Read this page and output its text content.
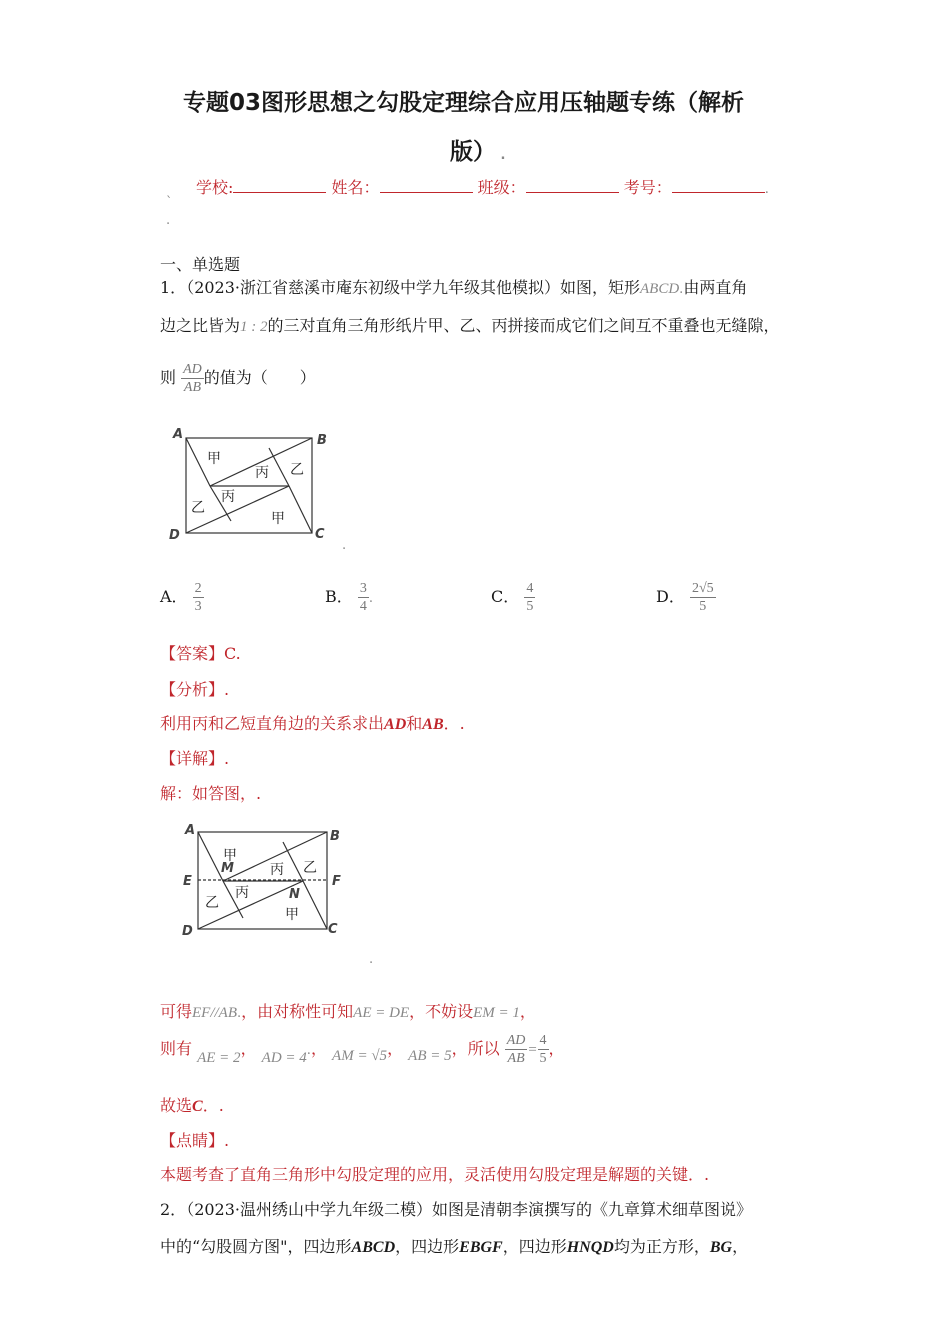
专题03图形思想之勾股定理综合应用压轴题专练（解析
版） .
学校:	姓名：	班级：	考号：	.
`
.
一、单选题
1．（2023·浙江省慈溪市庵东初级中学九年级其他模拟）如图，矩形ABCD.由两直角
边之比皆为1 : 2的三对直角三角形纸片甲、乙、丙拼接而成它们之间互不重叠也无缝隙，
则 $\frac{AD}{AB}$ 的值为（　　）
A	B
C
D
甲
丙 乙
丙
乙
甲
.
A． $\frac{2}{3}$	B． $\frac{3}{4}$ .	C． $\frac{4}{5}$	D． $\frac{2√5}{5}$
【答案】C.
【分析】.
利用丙和乙短直角边的关系求出AD和AB．.
【详解】.
解：如答图，.
A	B
C
D
E	F
M
N
甲
丙 乙
丙
乙
甲
.
可得EF//AB.，由对称性可知AE = DE，不妨设EM = 1，
则有 AE = 2， AD = 4.， AM = √5， AB = 5，所以 $\frac{AD}{AB} = \frac{4}{5}$ ，
故选C．.
【点睛】.
本题考查了直角三角形中勾股定理的应用，灵活使用勾股定理是解题的关键．.
2．（2023·温州绣山中学九年级二模）如图是清朝李演撰写的《九章算术细草图说》
中的“勾股圆方图"，四边形ABCD，四边形EBGF，四边形HNQD均为正方形，BG，
